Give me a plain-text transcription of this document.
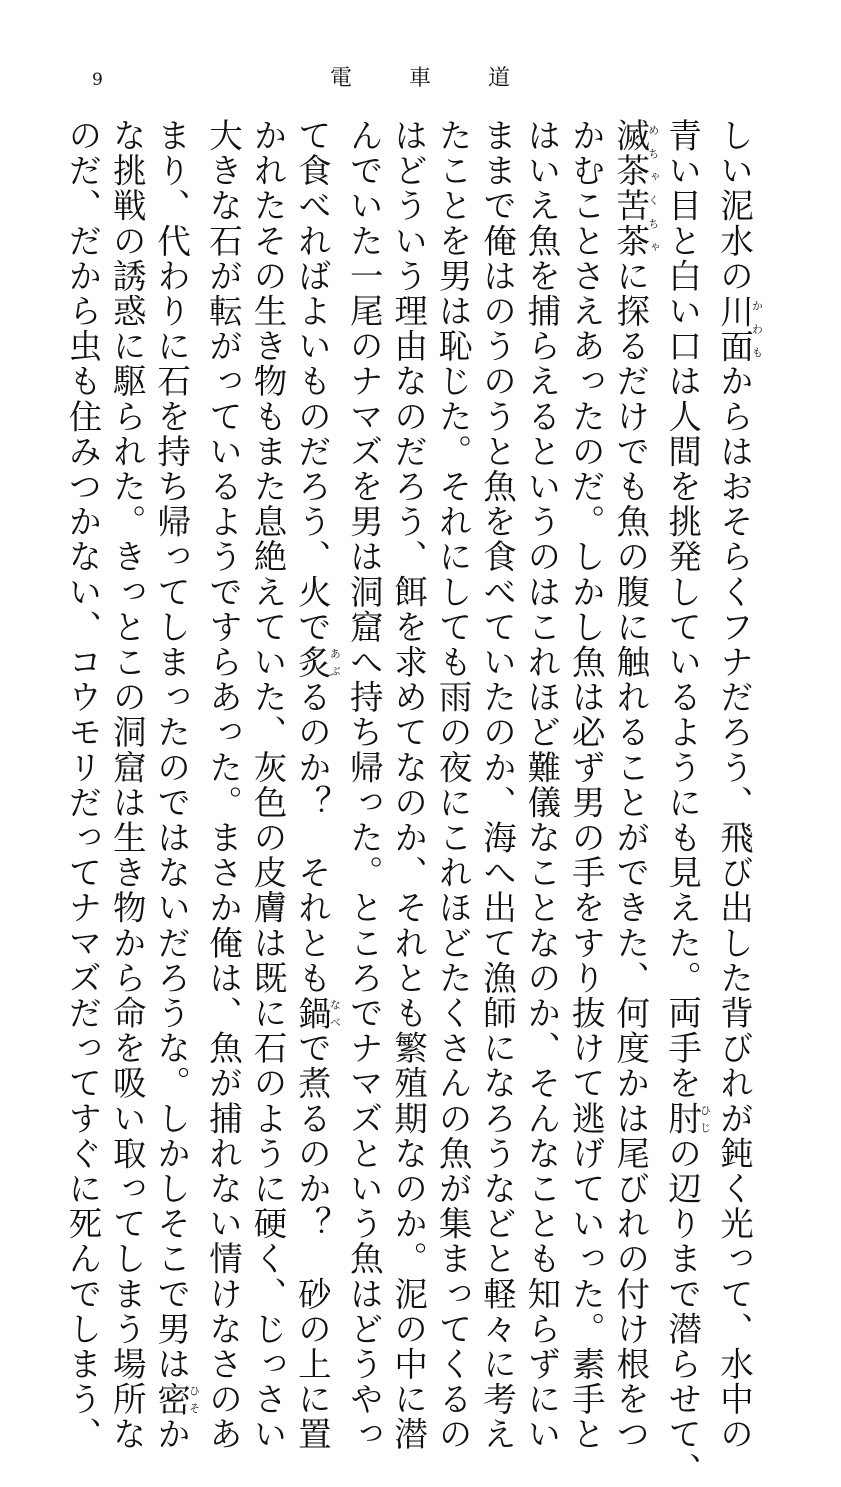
9	電	車	道
しい泥水の川面かわもからはおそらくフナだろう、飛び出した背びれが鈍く光って、水中の
青い目と白い口は人間を挑発しているようにも見えた。両手を肘ひじの辺りまで潜らせて、
滅茶苦茶めちゃくちゃに探るだけでも魚の腹に触れることができた、何度かは尾びれの付け根をつ
かむことさえあったのだ。しかし魚は必ず男の手をすり抜けて逃げていった。素手と
はいえ魚を捕らえるというのはこれほど難儀なことなのか、そんなことも知らずにい
ままで俺はのうのうと魚を食べていたのか、海へ出て漁師になろうなどと軽々に考え
たことを男は恥じた。それにしても雨の夜にこれほどたくさんの魚が集まってくるの
はどういう理由なのだろう、餌を求めてなのか、それとも繁殖期なのか。泥の中に潜
んでいた一尾のナマズを男は洞窟へ持ち帰った。ところでナマズという魚はどうやっ
て食べればよいものだろう、火で炙あぶるのか？　それとも鍋なべで煮るのか？　砂の上に置
かれたその生き物もまた息絶えていた、灰色の皮膚は既に石のように硬く、じっさい
大きな石が転がっているようですらあった。まさか俺は、魚が捕れない情けなさのあ
まり、代わりに石を持ち帰ってしまったのではないだろうな。しかしそこで男は密ひそか
な挑戦の誘惑に駆られた。きっとこの洞窟は生き物から命を吸い取ってしまう場所な
のだ、だから虫も住みつかない、コウモリだってナマズだってすぐに死んでしまう、
